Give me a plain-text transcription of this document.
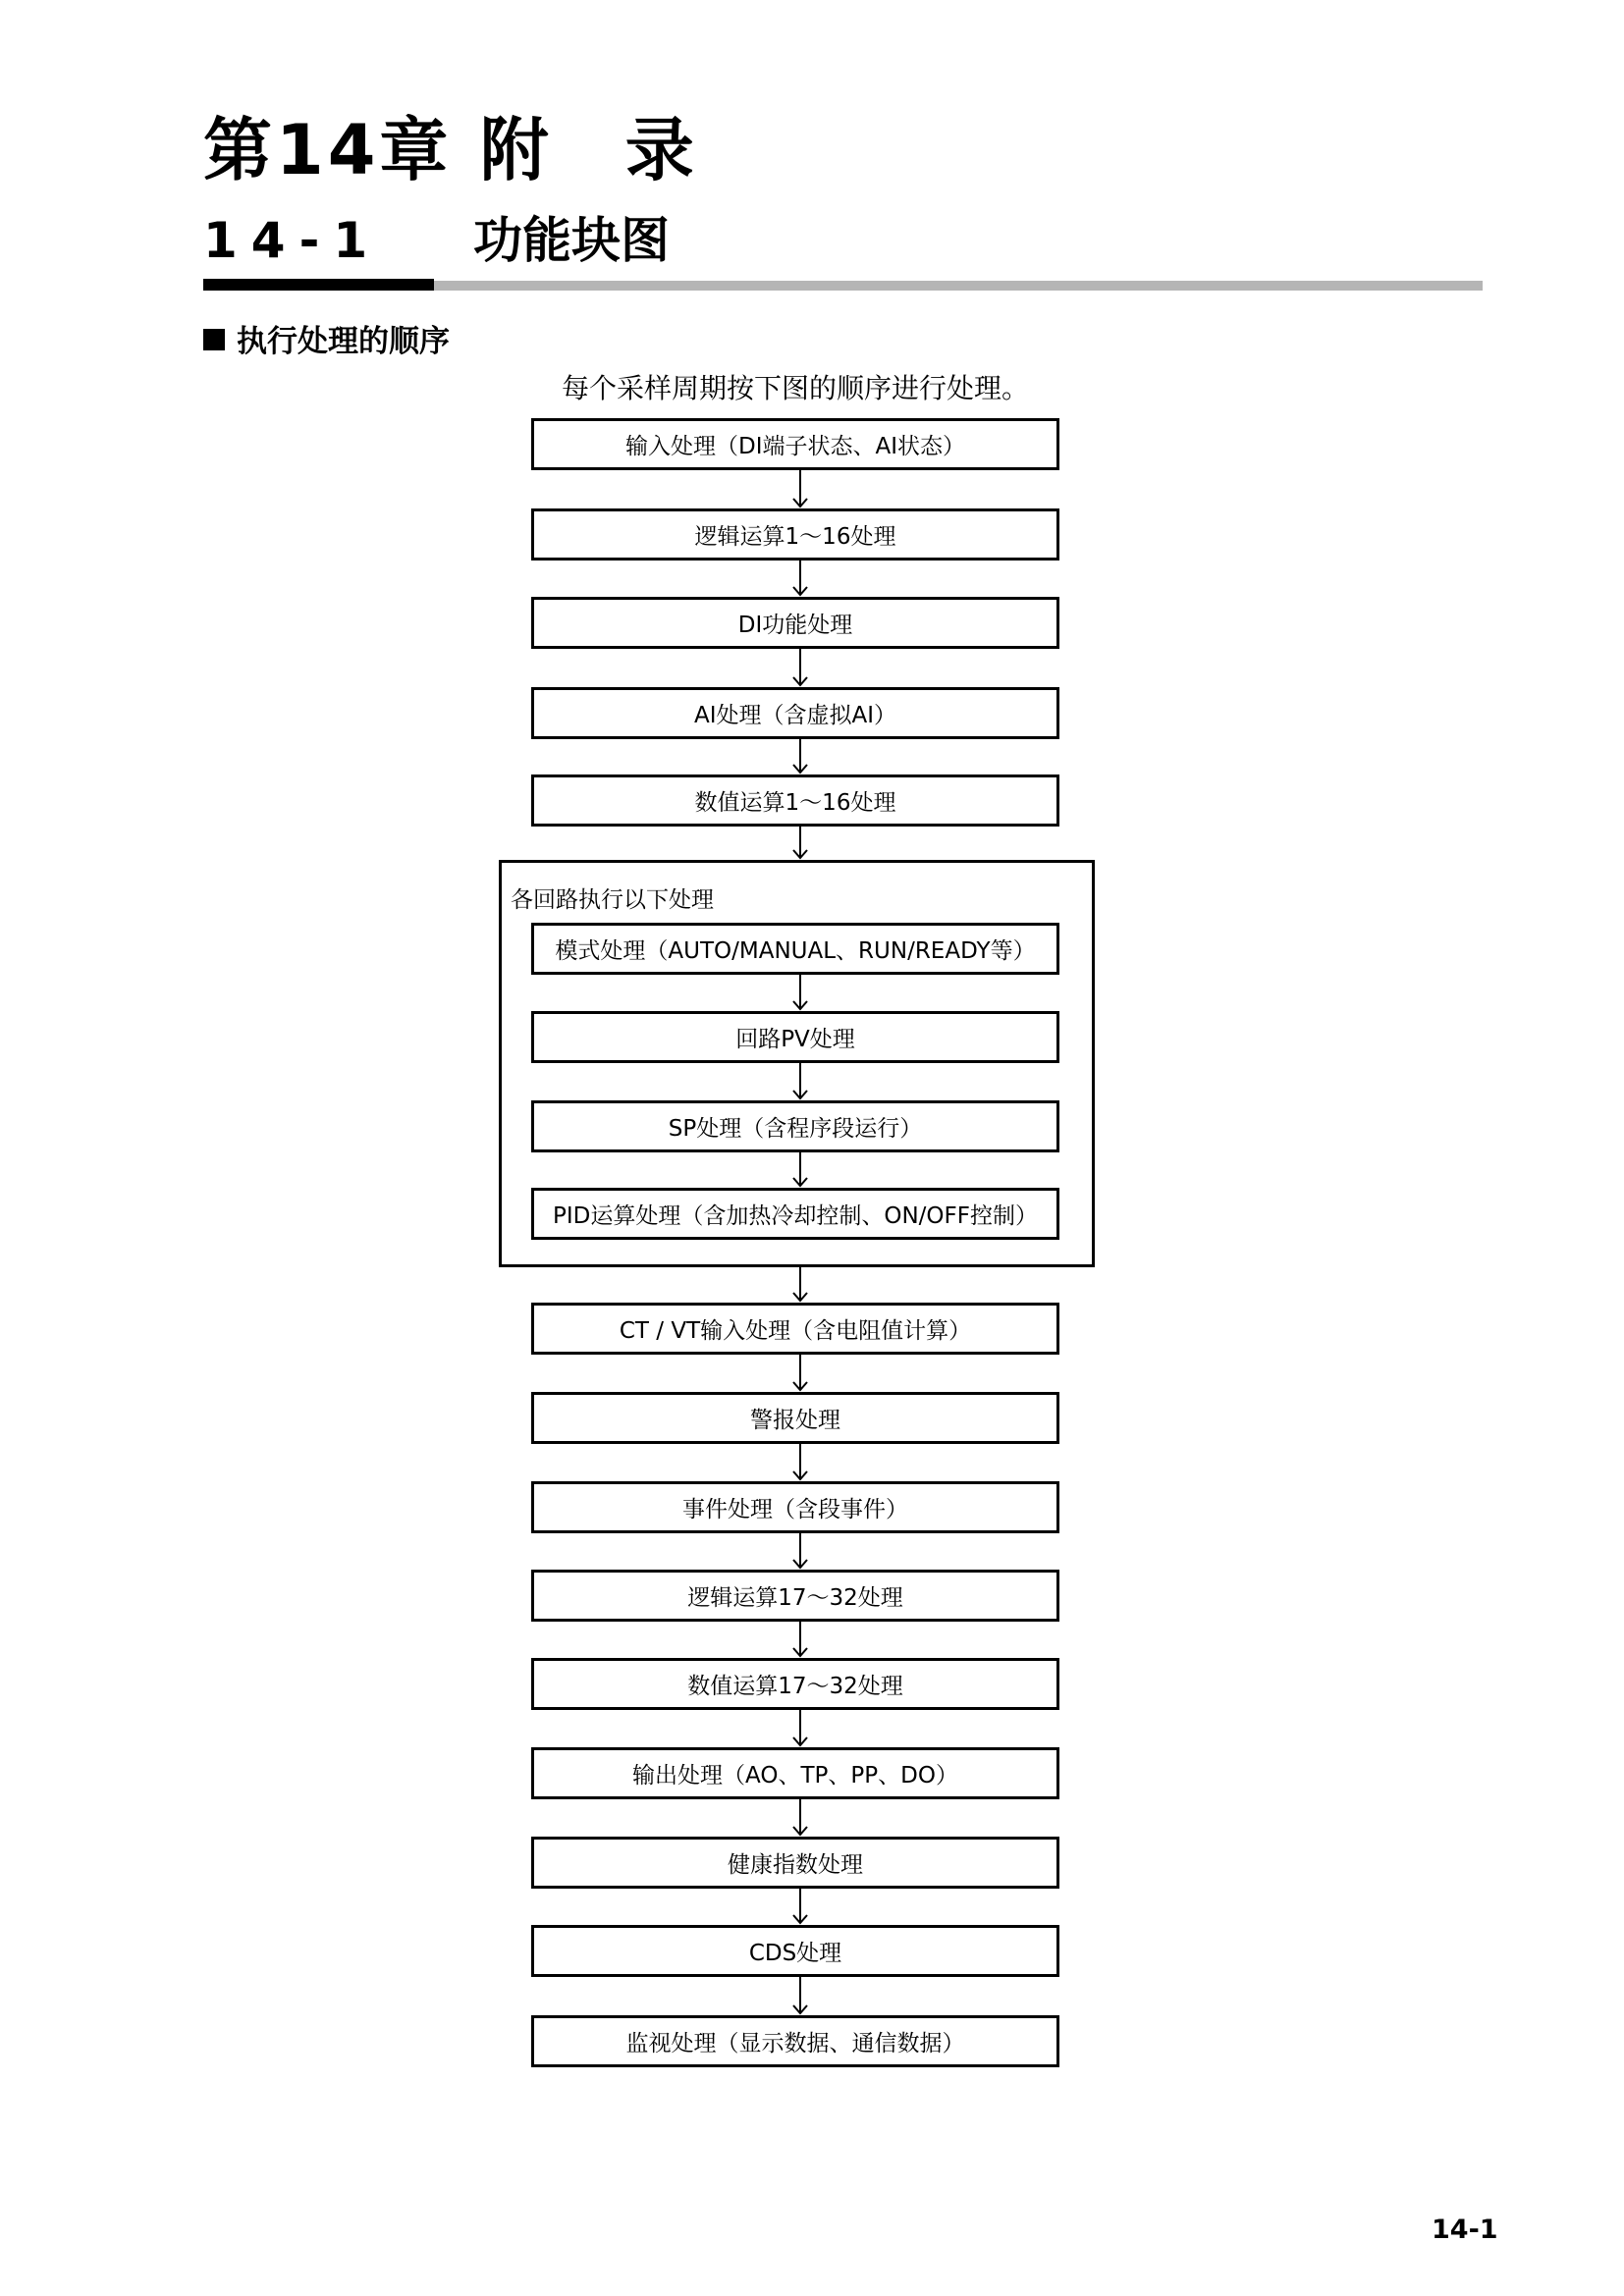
第14章 附　录
14-1 功能块图
执行处理的顺序
每个采样周期按下图的顺序进行处理。
各回路执行以下处理
输入处理（DI端子状态、AI状态）
逻辑运算1～16处理
DI功能处理
AI处理（含虚拟AI）
数值运算1～16处理
模式处理（AUTO/MANUAL、RUN/READY等）
回路PV处理
SP处理（含程序段运行）
PID运算处理（含加热冷却控制、ON/OFF控制）
CT / VT输入处理（含电阻值计算）
警报处理
事件处理（含段事件）
逻辑运算17～32处理
数值运算17～32处理
输出处理（AO、TP、PP、DO）
健康指数处理
CDS处理
监视处理（显示数据、通信数据）
14-1
